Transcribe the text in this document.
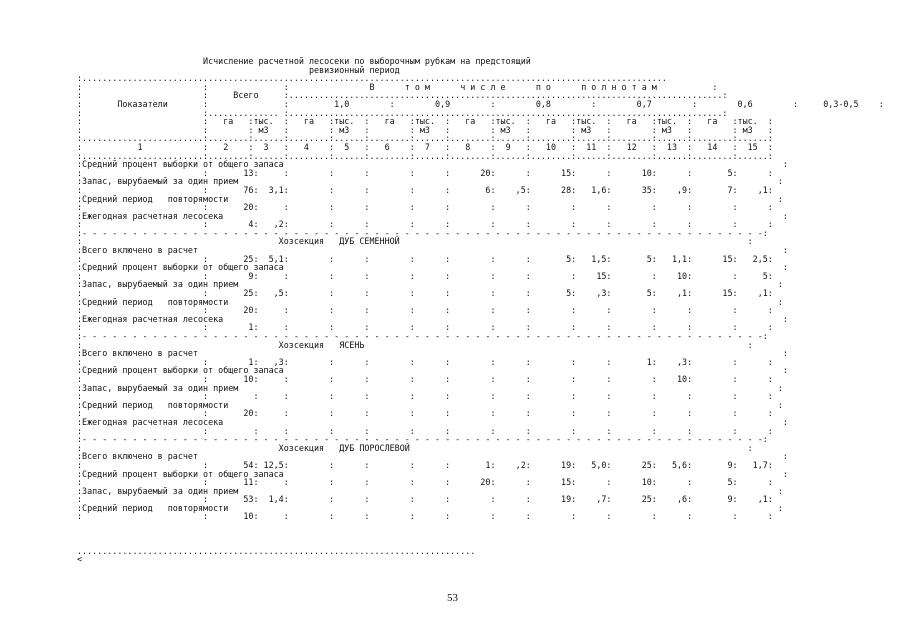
Исчисление расчетной лесосеки по выборочным рубкам на предстоящий
ревизионный период
:....................................................................................................................
:                        :               :                В      т о м      ч и с л е      п о      п о л н о т а м           :
:                        :     Всего     :......................................................................................:
:       Показатели       :               :         1,0        :        0,9        :        0,8        :        0,7        :        0,6        :     0,3-0,5    :
:                        :.............. :......................................................................................:
:                        :   га   :тыс.  :   га   :тыс.  :   га   :тыс.  :   га   :тыс.  :   га   :тыс.  :   га   :тыс.  :   га   :тыс.  :
:                        :        : м3   :        : м3   :        : м3   :        : м3   :        : м3   :        : м3   :        : м3   :
:........................:........:......:........:......:........:......:........:......:........:......:........:......:........:......:
:           1            :   2    :  3   :   4    :  5   :   6    :  7   :   8    :  9   :   10   :  11  :   12   :  13  :   14   :  15  :
:........................:........:......:........:......:........:......:........:......:........:......:........:......:........:......:
:Средний процент выборки от общего запаса                                                                                                   :
:                        :       13:     :        :      :        :      :      20:      :      15:      :      10:      :       5:      :
:Запас, вырубаемый за один прием                                                                                                           :
:                        :       76:  3,1:        :      :        :      :       6:    ,5:      28:   1,6:      35:    ,9:       7:    ,1:
:Средний период   повторямости                                                                                                             :
:                        :       20:     :        :      :        :      :        :      :        :      :        :      :        :      :
:Ежегодная расчетная лесосека                                                                                                               :
:                        :        4:   ,2:        :      :        :      :        :      :        :      :        :      :        :      :
:- - - - - - - - - - - - - - - - - - - - - - - - - - - - - - - - - - - - - - - - - - - - - - - - - - - - - - - - - - - - - - - - - - - -:
:                                       Хозсекция   ДУБ СЕМЕННОЙ                                                                     :
:Всего включено в расчет                                                                                                                    :
:                        :       25:  5,1:        :      :        :      :        :      :       5:   1,5:       5:   1,1:      15:   2,5:
:Средний процент выборки от общего запаса                                                                                                   :
:                        :        9:     :        :      :        :      :        :      :        :    15:        :    10:        :     5:
:Запас, вырубаемый за один прием                                                                                                           :
:                        :       25:   ,5:        :      :        :      :        :      :       5:    ,3:       5:    ,1:      15:    ,1:
:Средний период   повторямости                                                                                                             :
:                        :       20:     :        :      :        :      :        :      :        :      :        :      :        :      :
:Ежегодная расчетная лесосека                                                                                                               :
:                        :        1:     :        :      :        :      :        :      :        :      :        :      :        :      :
:- - - - - - - - - - - - - - - - - - - - - - - - - - - - - - - - - - - - - - - - - - - - - - - - - - - - - - - - - - - - - - - - - - - -:
:                                       Хозсекция   ЯСЕНЬ                                                                            :
:Всего включено в расчет                                                                                                                    :
:                        :        1:   ,3:        :      :        :      :        :      :        :      :       1:    ,3:        :      :
:Средний процент выборки от общего запаса                                                                                                   :
:                        :       10:     :        :      :        :      :        :      :        :      :        :    10:        :      :
:Запас, вырубаемый за один прием                                                                                                           :
:                        :         :     :        :      :        :      :        :      :        :      :        :      :        :      :
:Средний период   повторямости                                                                                                             :
:                        :       20:     :        :      :        :      :        :      :        :      :        :      :        :      :
:Ежегодная расчетная лесосека                                                                                                               :
:                        :         :     :        :      :        :      :        :      :        :      :        :      :        :      :
:- - - - - - - - - - - - - - - - - - - - - - - - - - - - - - - - - - - - - - - - - - - - - - - - - - - - - - - - - - - - - - - - - - - -:
:                                       Хозсекция   ДУБ ПОРОСЛЕВОЙ                                                                   :
:Всего включено в расчет                                                                                                                    :
:                        :       54: 12,5:        :      :        :      :       1:    ,2:      19:   5,0:      25:   5,6:       9:   1,7:
:Средний процент выборки от общего запаса                                                                                                   :
:                        :       11:     :        :      :        :      :      20:      :      15:      :      10:      :       5:      :
:Запас, вырубаемый за один прием                                                                                                           :
:                        :       53:  1,4:        :      :        :      :        :      :      19:    ,7:      25:    ,6:       9:    ,1:
:Средний период   повторямости                                                                                                             :
:                        :       10:     :        :      :        :      :        :      :        :      :        :      :        :      :

...............................................................................
<
53
